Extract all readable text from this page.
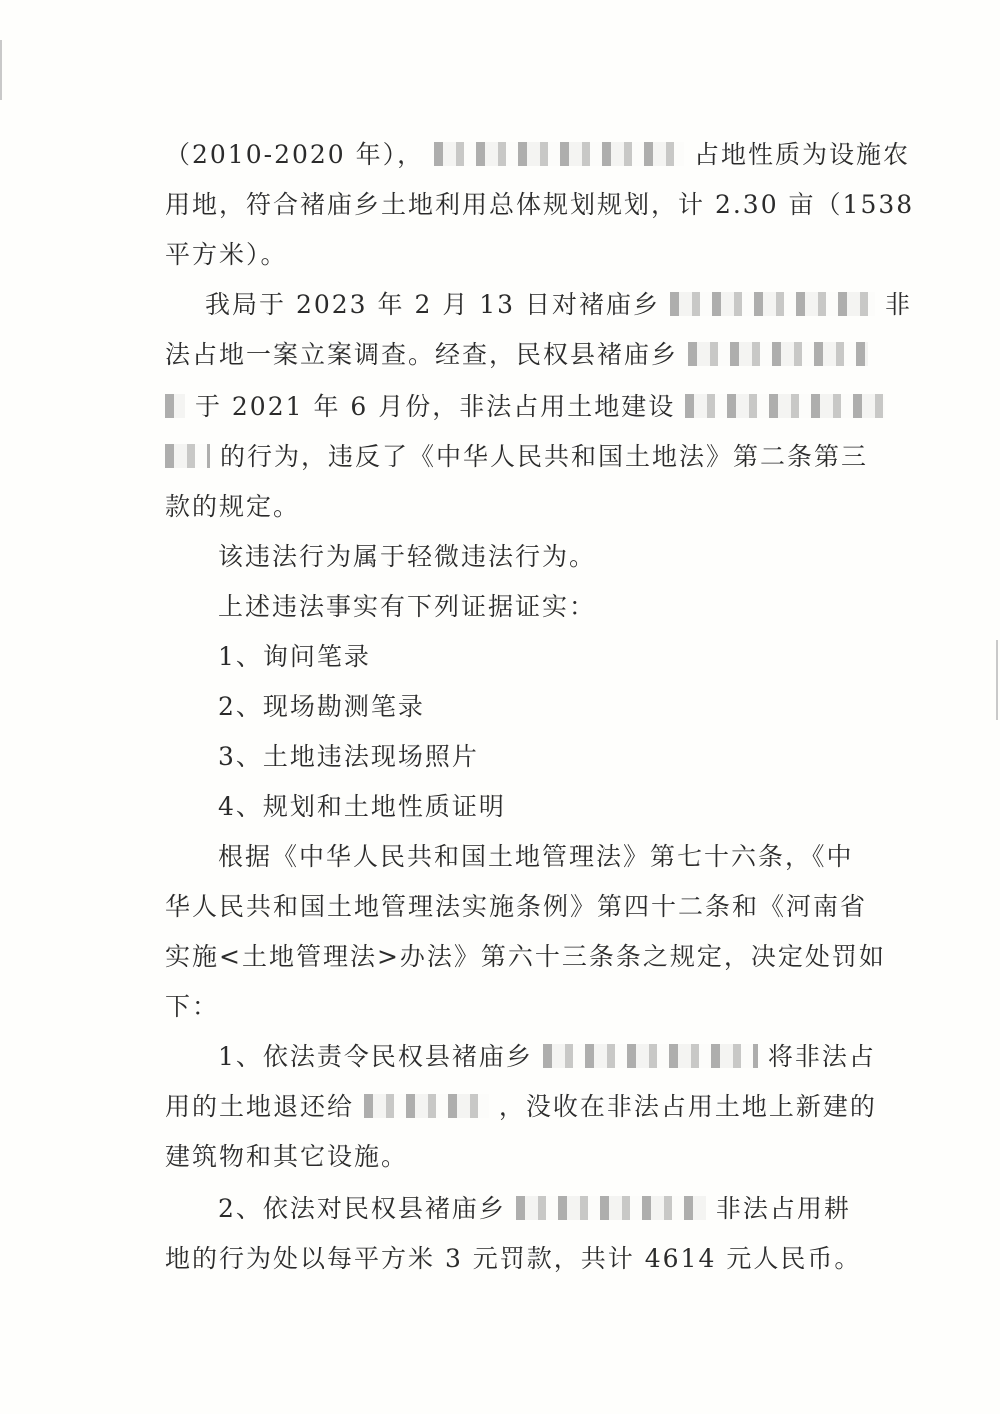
（2010-2020 年），	占地性质为设施农
用地，符合褚庙乡土地利用总体规划规划，计 2.30 亩（1538
平方米）。
我局于 2023 年 2 月 13 日对褚庙乡	非
法占地一案立案调查。经查，民权县褚庙乡
于 2021 年 6 月份，非法占用土地建设
的行为，违反了《中华人民共和国土地法》第二条第三
款的规定。
该违法行为属于轻微违法行为。
上述违法事实有下列证据证实：
1、询问笔录
2、现场勘测笔录
3、土地违法现场照片
4、规划和土地性质证明
根据《中华人民共和国土地管理法》第七十六条，《中
华人民共和国土地管理法实施条例》第四十二条和《河南省
实施<土地管理法>办法》第六十三条条之规定，决定处罚如
下：
1、依法责令民权县褚庙乡	将非法占
用的土地退还给	，没收在非法占用土地上新建的
建筑物和其它设施。
2、依法对民权县褚庙乡	非法占用耕
地的行为处以每平方米 3 元罚款，共计 4614 元人民币。
